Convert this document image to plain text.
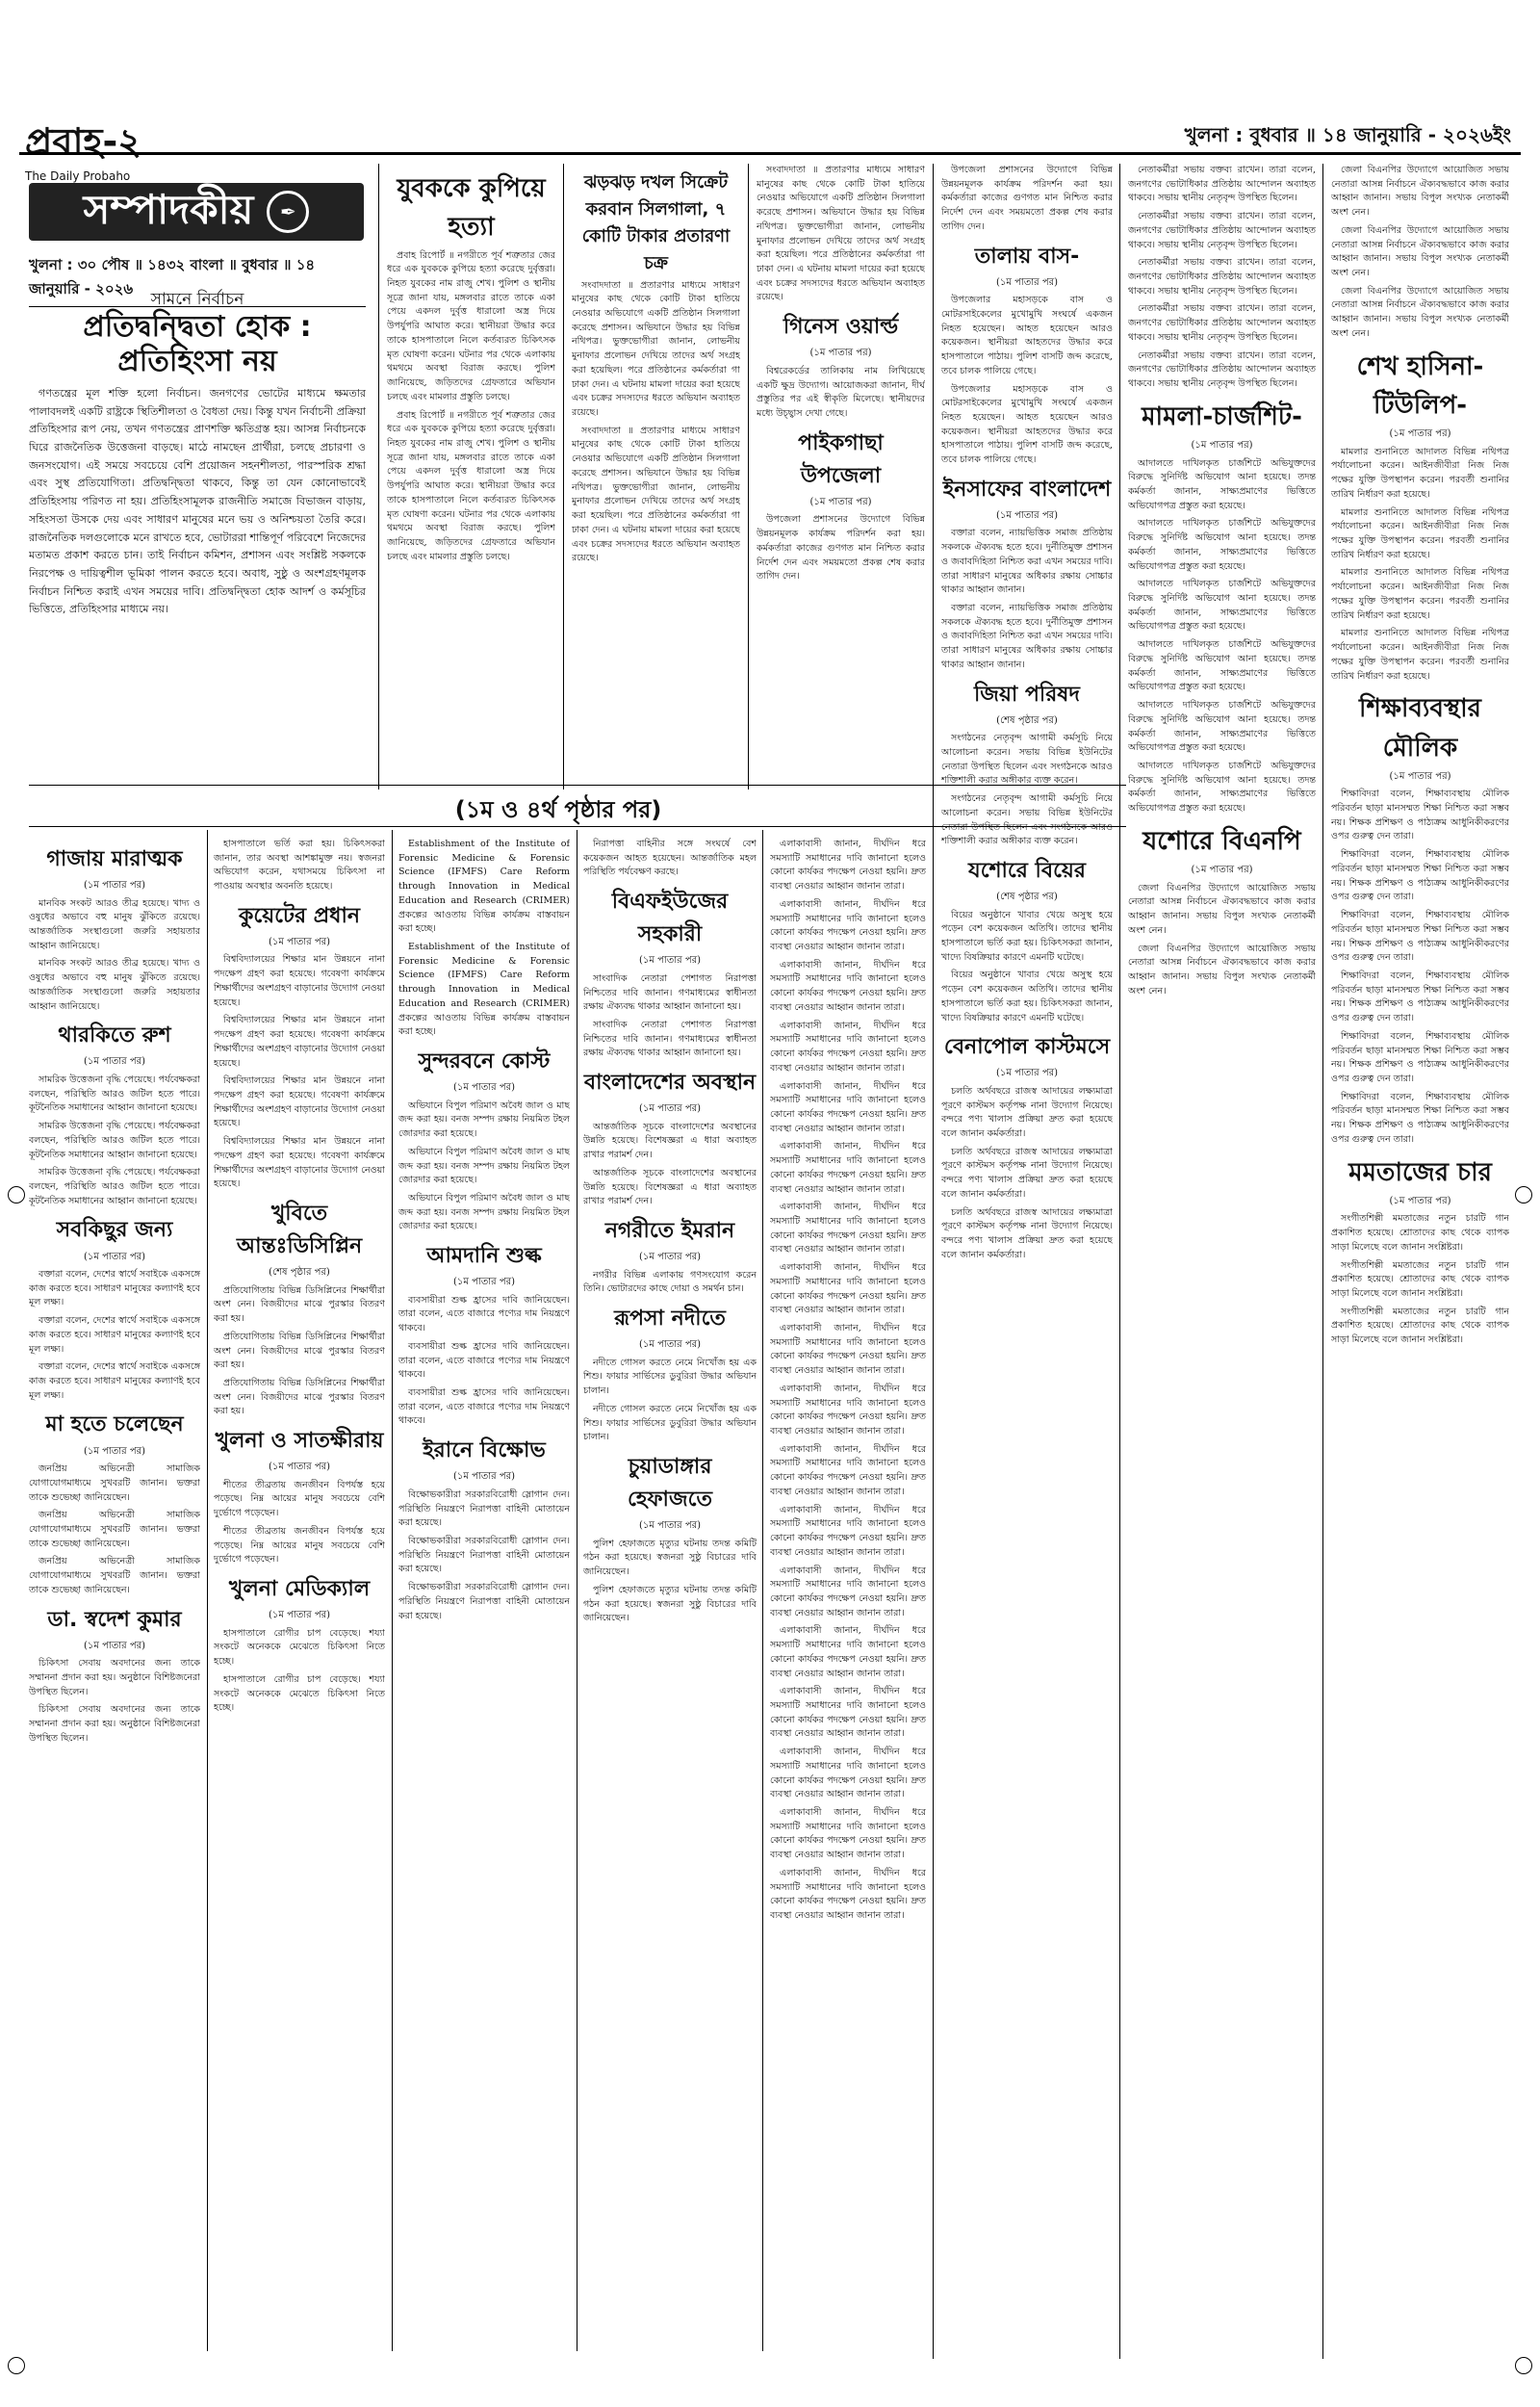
প্রবাহ-২
The Daily Probaho
খুলনা : বুধবার ॥ ১৪ জানুয়ারি - ২০২৬ইং
সম্পাদকীয়	✒
খুলনা : ৩০ পৌষ ॥ ১৪৩২ বাংলা ॥ বুধবার ॥ ১৪ জানুয়ারি - ২০২৬
সামনে নির্বাচন
প্রতিদ্বন্দ্বিতা হোক : প্রতিহিংসা নয়

গণতন্ত্রের মূল শক্তি হলো নির্বাচন। জনগণের ভোটের মাধ্যমে ক্ষমতার পালাবদলই একটি রাষ্ট্রকে স্থিতিশীলতা ও বৈধতা দেয়। কিন্তু যখন নির্বাচনী প্রক্রিয়া প্রতিহিংসার রূপ নেয়, তখন গণতন্ত্রের প্রাণশক্তি ক্ষতিগ্রস্ত হয়। আসন্ন নির্বাচনকে ঘিরে রাজনৈতিক উত্তেজনা বাড়ছে। মাঠে নামছেন প্রার্থীরা, চলছে প্রচারণা ও জনসংযোগ। এই সময়ে সবচেয়ে বেশি প্রয়োজন সহনশীলতা, পারস্পরিক শ্রদ্ধা এবং সুস্থ প্রতিযোগিতা। প্রতিদ্বন্দ্বিতা থাকবে, কিন্তু তা যেন কোনোভাবেই প্রতিহিংসায় পরিণত না হয়। প্রতিহিংসামূলক রাজনীতি সমাজে বিভাজন বাড়ায়, সহিংসতা উসকে দেয় এবং সাধারণ মানুষের মনে ভয় ও অনিশ্চয়তা তৈরি করে। রাজনৈতিক দলগুলোকে মনে রাখতে হবে, ভোটাররা শান্তিপূর্ণ পরিবেশে নিজেদের মতামত প্রকাশ করতে চান। তাই নির্বাচন কমিশন, প্রশাসন এবং সংশ্লিষ্ট সকলকে নিরপেক্ষ ও দায়িত্বশীল ভূমিকা পালন করতে হবে। অবাধ, সুষ্ঠু ও অংশগ্রহণমূলক নির্বাচন নিশ্চিত করাই এখন সময়ের দাবি। প্রতিদ্বন্দ্বিতা হোক আদর্শ ও কর্মসূচির ভিত্তিতে, প্রতিহিংসার মাধ্যমে নয়।

যুবককে কুপিয়ে হত্যা

প্রবাহ রিপোর্ট ॥ নগরীতে পূর্ব শত্রুতার জের ধরে এক যুবককে কুপিয়ে হত্যা করেছে দুর্বৃত্তরা। নিহত যুবকের নাম রাজু শেখ। পুলিশ ও স্থানীয় সূত্রে জানা যায়, মঙ্গলবার রাতে তাকে একা পেয়ে একদল দুর্বৃত্ত ধারালো অস্ত্র দিয়ে উপর্যুপরি আঘাত করে। স্থানীয়রা উদ্ধার করে তাকে হাসপাতালে নিলে কর্তব্যরত চিকিৎসক মৃত ঘোষণা করেন। ঘটনার পর থেকে এলাকায় থমথমে অবস্থা বিরাজ করছে। পুলিশ জানিয়েছে, জড়িতদের গ্রেফতারে অভিযান চলছে এবং মামলার প্রস্তুতি চলছে।

প্রবাহ রিপোর্ট ॥ নগরীতে পূর্ব শত্রুতার জের ধরে এক যুবককে কুপিয়ে হত্যা করেছে দুর্বৃত্তরা। নিহত যুবকের নাম রাজু শেখ। পুলিশ ও স্থানীয় সূত্রে জানা যায়, মঙ্গলবার রাতে তাকে একা পেয়ে একদল দুর্বৃত্ত ধারালো অস্ত্র দিয়ে উপর্যুপরি আঘাত করে। স্থানীয়রা উদ্ধার করে তাকে হাসপাতালে নিলে কর্তব্যরত চিকিৎসক মৃত ঘোষণা করেন। ঘটনার পর থেকে এলাকায় থমথমে অবস্থা বিরাজ করছে। পুলিশ জানিয়েছে, জড়িতদের গ্রেফতারে অভিযান চলছে এবং মামলার প্রস্তুতি চলছে।

ঝড়ঝড় দখল সিক্রেট করবান সিলগালা, ৭ কোটি টাকার প্রতারণা চক্র

সংবাদদাতা ॥ প্রতারণার মাধ্যমে সাধারণ মানুষের কাছ থেকে কোটি টাকা হাতিয়ে নেওয়ার অভিযোগে একটি প্রতিষ্ঠান সিলগালা করেছে প্রশাসন। অভিযানে উদ্ধার হয় বিভিন্ন নথিপত্র। ভুক্তভোগীরা জানান, লোভনীয় মুনাফার প্রলোভন দেখিয়ে তাদের অর্থ সংগ্রহ করা হয়েছিল। পরে প্রতিষ্ঠানের কর্মকর্তারা গা ঢাকা দেন। এ ঘটনায় মামলা দায়ের করা হয়েছে এবং চক্রের সদস্যদের ধরতে অভিযান অব্যাহত রয়েছে।

সংবাদদাতা ॥ প্রতারণার মাধ্যমে সাধারণ মানুষের কাছ থেকে কোটি টাকা হাতিয়ে নেওয়ার অভিযোগে একটি প্রতিষ্ঠান সিলগালা করেছে প্রশাসন। অভিযানে উদ্ধার হয় বিভিন্ন নথিপত্র। ভুক্তভোগীরা জানান, লোভনীয় মুনাফার প্রলোভন দেখিয়ে তাদের অর্থ সংগ্রহ করা হয়েছিল। পরে প্রতিষ্ঠানের কর্মকর্তারা গা ঢাকা দেন। এ ঘটনায় মামলা দায়ের করা হয়েছে এবং চক্রের সদস্যদের ধরতে অভিযান অব্যাহত রয়েছে।

সংবাদদাতা ॥ প্রতারণার মাধ্যমে সাধারণ মানুষের কাছ থেকে কোটি টাকা হাতিয়ে নেওয়ার অভিযোগে একটি প্রতিষ্ঠান সিলগালা করেছে প্রশাসন। অভিযানে উদ্ধার হয় বিভিন্ন নথিপত্র। ভুক্তভোগীরা জানান, লোভনীয় মুনাফার প্রলোভন দেখিয়ে তাদের অর্থ সংগ্রহ করা হয়েছিল। পরে প্রতিষ্ঠানের কর্মকর্তারা গা ঢাকা দেন। এ ঘটনায় মামলা দায়ের করা হয়েছে এবং চক্রের সদস্যদের ধরতে অভিযান অব্যাহত রয়েছে।

গিনেস ওয়ার্ল্ড
(১ম পাতার পর)

বিশ্বরেকর্ডের তালিকায় নাম লিখিয়েছে একটি ক্ষুদ্র উদ্যোগ। আয়োজকরা জানান, দীর্ঘ প্রস্তুতির পর এই স্বীকৃতি মিলেছে। স্থানীয়দের মধ্যে উচ্ছ্বাস দেখা গেছে।

পাইকগাছা উপজেলা
(১ম পাতার পর)

উপজেলা প্রশাসনের উদ্যোগে বিভিন্ন উন্নয়নমূলক কার্যক্রম পরিদর্শন করা হয়। কর্মকর্তারা কাজের গুণগত মান নিশ্চিত করার নির্দেশ দেন এবং সময়মতো প্রকল্প শেষ করার তাগিদ দেন।

(১ম ও ৪র্থ পৃষ্ঠার পর)

উপজেলা প্রশাসনের উদ্যোগে বিভিন্ন উন্নয়নমূলক কার্যক্রম পরিদর্শন করা হয়। কর্মকর্তারা কাজের গুণগত মান নিশ্চিত করার নির্দেশ দেন এবং সময়মতো প্রকল্প শেষ করার তাগিদ দেন।

তালায় বাস-
(১ম পাতার পর)

উপজেলার মহাসড়কে বাস ও মোটরসাইকেলের মুখোমুখি সংঘর্ষে একজন নিহত হয়েছেন। আহত হয়েছেন আরও কয়েকজন। স্থানীয়রা আহতদের উদ্ধার করে হাসপাতালে পাঠায়। পুলিশ বাসটি জব্দ করেছে, তবে চালক পালিয়ে গেছে।

উপজেলার মহাসড়কে বাস ও মোটরসাইকেলের মুখোমুখি সংঘর্ষে একজন নিহত হয়েছেন। আহত হয়েছেন আরও কয়েকজন। স্থানীয়রা আহতদের উদ্ধার করে হাসপাতালে পাঠায়। পুলিশ বাসটি জব্দ করেছে, তবে চালক পালিয়ে গেছে।

ইনসাফের বাংলাদেশ
(১ম পাতার পর)

বক্তারা বলেন, ন্যায়ভিত্তিক সমাজ প্রতিষ্ঠায় সকলকে ঐক্যবদ্ধ হতে হবে। দুর্নীতিমুক্ত প্রশাসন ও জবাবদিহিতা নিশ্চিত করা এখন সময়ের দাবি। তারা সাধারণ মানুষের অধিকার রক্ষায় সোচ্চার থাকার আহ্বান জানান।

বক্তারা বলেন, ন্যায়ভিত্তিক সমাজ প্রতিষ্ঠায় সকলকে ঐক্যবদ্ধ হতে হবে। দুর্নীতিমুক্ত প্রশাসন ও জবাবদিহিতা নিশ্চিত করা এখন সময়ের দাবি। তারা সাধারণ মানুষের অধিকার রক্ষায় সোচ্চার থাকার আহ্বান জানান।

জিয়া পরিষদ
(শেষ পৃষ্ঠার পর)

সংগঠনের নেতৃবৃন্দ আগামী কর্মসূচি নিয়ে আলোচনা করেন। সভায় বিভিন্ন ইউনিটের নেতারা উপস্থিত ছিলেন এবং সংগঠনকে আরও শক্তিশালী করার অঙ্গীকার ব্যক্ত করেন।

সংগঠনের নেতৃবৃন্দ আগামী কর্মসূচি নিয়ে আলোচনা করেন। সভায় বিভিন্ন ইউনিটের নেতারা উপস্থিত ছিলেন এবং সংগঠনকে আরও শক্তিশালী করার অঙ্গীকার ব্যক্ত করেন।

যশোরে বিয়ের
(শেষ পৃষ্ঠার পর)

বিয়ের অনুষ্ঠানে খাবার খেয়ে অসুস্থ হয়ে পড়েন বেশ কয়েকজন অতিথি। তাদের স্থানীয় হাসপাতালে ভর্তি করা হয়। চিকিৎসকরা জানান, খাদ্যে বিষক্রিয়ার কারণে এমনটি ঘটেছে।

বিয়ের অনুষ্ঠানে খাবার খেয়ে অসুস্থ হয়ে পড়েন বেশ কয়েকজন অতিথি। তাদের স্থানীয় হাসপাতালে ভর্তি করা হয়। চিকিৎসকরা জানান, খাদ্যে বিষক্রিয়ার কারণে এমনটি ঘটেছে।

বেনাপোল কাস্টমসে
(১ম পাতার পর)

চলতি অর্থবছরে রাজস্ব আদায়ের লক্ষ্যমাত্রা পূরণে কাস্টমস কর্তৃপক্ষ নানা উদ্যোগ নিয়েছে। বন্দরে পণ্য খালাস প্রক্রিয়া দ্রুত করা হয়েছে বলে জানান কর্মকর্তারা।

চলতি অর্থবছরে রাজস্ব আদায়ের লক্ষ্যমাত্রা পূরণে কাস্টমস কর্তৃপক্ষ নানা উদ্যোগ নিয়েছে। বন্দরে পণ্য খালাস প্রক্রিয়া দ্রুত করা হয়েছে বলে জানান কর্মকর্তারা।

চলতি অর্থবছরে রাজস্ব আদায়ের লক্ষ্যমাত্রা পূরণে কাস্টমস কর্তৃপক্ষ নানা উদ্যোগ নিয়েছে। বন্দরে পণ্য খালাস প্রক্রিয়া দ্রুত করা হয়েছে বলে জানান কর্মকর্তারা।

নেতাকর্মীরা সভায় বক্তব্য রাখেন। তারা বলেন, জনগণের ভোটাধিকার প্রতিষ্ঠায় আন্দোলন অব্যাহত থাকবে। সভায় স্থানীয় নেতৃবৃন্দ উপস্থিত ছিলেন।

নেতাকর্মীরা সভায় বক্তব্য রাখেন। তারা বলেন, জনগণের ভোটাধিকার প্রতিষ্ঠায় আন্দোলন অব্যাহত থাকবে। সভায় স্থানীয় নেতৃবৃন্দ উপস্থিত ছিলেন।

নেতাকর্মীরা সভায় বক্তব্য রাখেন। তারা বলেন, জনগণের ভোটাধিকার প্রতিষ্ঠায় আন্দোলন অব্যাহত থাকবে। সভায় স্থানীয় নেতৃবৃন্দ উপস্থিত ছিলেন।

নেতাকর্মীরা সভায় বক্তব্য রাখেন। তারা বলেন, জনগণের ভোটাধিকার প্রতিষ্ঠায় আন্দোলন অব্যাহত থাকবে। সভায় স্থানীয় নেতৃবৃন্দ উপস্থিত ছিলেন।

নেতাকর্মীরা সভায় বক্তব্য রাখেন। তারা বলেন, জনগণের ভোটাধিকার প্রতিষ্ঠায় আন্দোলন অব্যাহত থাকবে। সভায় স্থানীয় নেতৃবৃন্দ উপস্থিত ছিলেন।

মামলা-চার্জশিট-
(১ম পাতার পর)

আদালতে দাখিলকৃত চার্জশিটে অভিযুক্তদের বিরুদ্ধে সুনির্দিষ্ট অভিযোগ আনা হয়েছে। তদন্ত কর্মকর্তা জানান, সাক্ষ্যপ্রমাণের ভিত্তিতে অভিযোগপত্র প্রস্তুত করা হয়েছে।

আদালতে দাখিলকৃত চার্জশিটে অভিযুক্তদের বিরুদ্ধে সুনির্দিষ্ট অভিযোগ আনা হয়েছে। তদন্ত কর্মকর্তা জানান, সাক্ষ্যপ্রমাণের ভিত্তিতে অভিযোগপত্র প্রস্তুত করা হয়েছে।

আদালতে দাখিলকৃত চার্জশিটে অভিযুক্তদের বিরুদ্ধে সুনির্দিষ্ট অভিযোগ আনা হয়েছে। তদন্ত কর্মকর্তা জানান, সাক্ষ্যপ্রমাণের ভিত্তিতে অভিযোগপত্র প্রস্তুত করা হয়েছে।

আদালতে দাখিলকৃত চার্জশিটে অভিযুক্তদের বিরুদ্ধে সুনির্দিষ্ট অভিযোগ আনা হয়েছে। তদন্ত কর্মকর্তা জানান, সাক্ষ্যপ্রমাণের ভিত্তিতে অভিযোগপত্র প্রস্তুত করা হয়েছে।

আদালতে দাখিলকৃত চার্জশিটে অভিযুক্তদের বিরুদ্ধে সুনির্দিষ্ট অভিযোগ আনা হয়েছে। তদন্ত কর্মকর্তা জানান, সাক্ষ্যপ্রমাণের ভিত্তিতে অভিযোগপত্র প্রস্তুত করা হয়েছে।

আদালতে দাখিলকৃত চার্জশিটে অভিযুক্তদের বিরুদ্ধে সুনির্দিষ্ট অভিযোগ আনা হয়েছে। তদন্ত কর্মকর্তা জানান, সাক্ষ্যপ্রমাণের ভিত্তিতে অভিযোগপত্র প্রস্তুত করা হয়েছে।

যশোরে বিএনপি
(১ম পাতার পর)

জেলা বিএনপির উদ্যোগে আয়োজিত সভায় নেতারা আসন্ন নির্বাচনে ঐক্যবদ্ধভাবে কাজ করার আহ্বান জানান। সভায় বিপুল সংখ্যক নেতাকর্মী অংশ নেন।

জেলা বিএনপির উদ্যোগে আয়োজিত সভায় নেতারা আসন্ন নির্বাচনে ঐক্যবদ্ধভাবে কাজ করার আহ্বান জানান। সভায় বিপুল সংখ্যক নেতাকর্মী অংশ নেন।

জেলা বিএনপির উদ্যোগে আয়োজিত সভায় নেতারা আসন্ন নির্বাচনে ঐক্যবদ্ধভাবে কাজ করার আহ্বান জানান। সভায় বিপুল সংখ্যক নেতাকর্মী অংশ নেন।

জেলা বিএনপির উদ্যোগে আয়োজিত সভায় নেতারা আসন্ন নির্বাচনে ঐক্যবদ্ধভাবে কাজ করার আহ্বান জানান। সভায় বিপুল সংখ্যক নেতাকর্মী অংশ নেন।

জেলা বিএনপির উদ্যোগে আয়োজিত সভায় নেতারা আসন্ন নির্বাচনে ঐক্যবদ্ধভাবে কাজ করার আহ্বান জানান। সভায় বিপুল সংখ্যক নেতাকর্মী অংশ নেন।

শেখ হাসিনা-টিউলিপ-
(১ম পাতার পর)

মামলার শুনানিতে আদালত বিভিন্ন নথিপত্র পর্যালোচনা করেন। আইনজীবীরা নিজ নিজ পক্ষের যুক্তি উপস্থাপন করেন। পরবর্তী শুনানির তারিখ নির্ধারণ করা হয়েছে।

মামলার শুনানিতে আদালত বিভিন্ন নথিপত্র পর্যালোচনা করেন। আইনজীবীরা নিজ নিজ পক্ষের যুক্তি উপস্থাপন করেন। পরবর্তী শুনানির তারিখ নির্ধারণ করা হয়েছে।

মামলার শুনানিতে আদালত বিভিন্ন নথিপত্র পর্যালোচনা করেন। আইনজীবীরা নিজ নিজ পক্ষের যুক্তি উপস্থাপন করেন। পরবর্তী শুনানির তারিখ নির্ধারণ করা হয়েছে।

মামলার শুনানিতে আদালত বিভিন্ন নথিপত্র পর্যালোচনা করেন। আইনজীবীরা নিজ নিজ পক্ষের যুক্তি উপস্থাপন করেন। পরবর্তী শুনানির তারিখ নির্ধারণ করা হয়েছে।

শিক্ষাব্যবস্থার মৌলিক
(১ম পাতার পর)

শিক্ষাবিদরা বলেন, শিক্ষাব্যবস্থায় মৌলিক পরিবর্তন ছাড়া মানসম্মত শিক্ষা নিশ্চিত করা সম্ভব নয়। শিক্ষক প্রশিক্ষণ ও পাঠ্যক্রম আধুনিকীকরণের ওপর গুরুত্ব দেন তারা।

শিক্ষাবিদরা বলেন, শিক্ষাব্যবস্থায় মৌলিক পরিবর্তন ছাড়া মানসম্মত শিক্ষা নিশ্চিত করা সম্ভব নয়। শিক্ষক প্রশিক্ষণ ও পাঠ্যক্রম আধুনিকীকরণের ওপর গুরুত্ব দেন তারা।

শিক্ষাবিদরা বলেন, শিক্ষাব্যবস্থায় মৌলিক পরিবর্তন ছাড়া মানসম্মত শিক্ষা নিশ্চিত করা সম্ভব নয়। শিক্ষক প্রশিক্ষণ ও পাঠ্যক্রম আধুনিকীকরণের ওপর গুরুত্ব দেন তারা।

শিক্ষাবিদরা বলেন, শিক্ষাব্যবস্থায় মৌলিক পরিবর্তন ছাড়া মানসম্মত শিক্ষা নিশ্চিত করা সম্ভব নয়। শিক্ষক প্রশিক্ষণ ও পাঠ্যক্রম আধুনিকীকরণের ওপর গুরুত্ব দেন তারা।

শিক্ষাবিদরা বলেন, শিক্ষাব্যবস্থায় মৌলিক পরিবর্তন ছাড়া মানসম্মত শিক্ষা নিশ্চিত করা সম্ভব নয়। শিক্ষক প্রশিক্ষণ ও পাঠ্যক্রম আধুনিকীকরণের ওপর গুরুত্ব দেন তারা।

শিক্ষাবিদরা বলেন, শিক্ষাব্যবস্থায় মৌলিক পরিবর্তন ছাড়া মানসম্মত শিক্ষা নিশ্চিত করা সম্ভব নয়। শিক্ষক প্রশিক্ষণ ও পাঠ্যক্রম আধুনিকীকরণের ওপর গুরুত্ব দেন তারা।

মমতাজের চার
(১ম পাতার পর)

সংগীতশিল্পী মমতাজের নতুন চারটি গান প্রকাশিত হয়েছে। শ্রোতাদের কাছ থেকে ব্যাপক সাড়া মিলেছে বলে জানান সংশ্লিষ্টরা।

সংগীতশিল্পী মমতাজের নতুন চারটি গান প্রকাশিত হয়েছে। শ্রোতাদের কাছ থেকে ব্যাপক সাড়া মিলেছে বলে জানান সংশ্লিষ্টরা।

সংগীতশিল্পী মমতাজের নতুন চারটি গান প্রকাশিত হয়েছে। শ্রোতাদের কাছ থেকে ব্যাপক সাড়া মিলেছে বলে জানান সংশ্লিষ্টরা।

গাজায় মারাত্মক
(১ম পাতার পর)

মানবিক সংকট আরও তীব্র হয়েছে। খাদ্য ও ওষুধের অভাবে বহু মানুষ ঝুঁকিতে রয়েছে। আন্তর্জাতিক সংস্থাগুলো জরুরি সহায়তার আহ্বান জানিয়েছে।

মানবিক সংকট আরও তীব্র হয়েছে। খাদ্য ও ওষুধের অভাবে বহু মানুষ ঝুঁকিতে রয়েছে। আন্তর্জাতিক সংস্থাগুলো জরুরি সহায়তার আহ্বান জানিয়েছে।

থারকিতে রুশ
(১ম পাতার পর)

সামরিক উত্তেজনা বৃদ্ধি পেয়েছে। পর্যবেক্ষকরা বলছেন, পরিস্থিতি আরও জটিল হতে পারে। কূটনৈতিক সমাধানের আহ্বান জানানো হয়েছে।

সামরিক উত্তেজনা বৃদ্ধি পেয়েছে। পর্যবেক্ষকরা বলছেন, পরিস্থিতি আরও জটিল হতে পারে। কূটনৈতিক সমাধানের আহ্বান জানানো হয়েছে।

সামরিক উত্তেজনা বৃদ্ধি পেয়েছে। পর্যবেক্ষকরা বলছেন, পরিস্থিতি আরও জটিল হতে পারে। কূটনৈতিক সমাধানের আহ্বান জানানো হয়েছে।

সবকিছুর জন্য
(১ম পাতার পর)

বক্তারা বলেন, দেশের স্বার্থে সবাইকে একসঙ্গে কাজ করতে হবে। সাধারণ মানুষের কল্যাণই হবে মূল লক্ষ্য।

বক্তারা বলেন, দেশের স্বার্থে সবাইকে একসঙ্গে কাজ করতে হবে। সাধারণ মানুষের কল্যাণই হবে মূল লক্ষ্য।

বক্তারা বলেন, দেশের স্বার্থে সবাইকে একসঙ্গে কাজ করতে হবে। সাধারণ মানুষের কল্যাণই হবে মূল লক্ষ্য।

মা হতে চলেছেন
(১ম পাতার পর)

জনপ্রিয় অভিনেত্রী সামাজিক যোগাযোগমাধ্যমে সুখবরটি জানান। ভক্তরা তাকে শুভেচ্ছা জানিয়েছেন।

জনপ্রিয় অভিনেত্রী সামাজিক যোগাযোগমাধ্যমে সুখবরটি জানান। ভক্তরা তাকে শুভেচ্ছা জানিয়েছেন।

জনপ্রিয় অভিনেত্রী সামাজিক যোগাযোগমাধ্যমে সুখবরটি জানান। ভক্তরা তাকে শুভেচ্ছা জানিয়েছেন।

ডা. স্বদেশ কুমার
(১ম পাতার পর)

চিকিৎসা সেবায় অবদানের জন্য তাকে সম্মাননা প্রদান করা হয়। অনুষ্ঠানে বিশিষ্টজনেরা উপস্থিত ছিলেন।

চিকিৎসা সেবায় অবদানের জন্য তাকে সম্মাননা প্রদান করা হয়। অনুষ্ঠানে বিশিষ্টজনেরা উপস্থিত ছিলেন।

হাসপাতালে ভর্তি করা হয়। চিকিৎসকরা জানান, তার অবস্থা আশঙ্কামুক্ত নয়। স্বজনরা অভিযোগ করেন, যথাসময়ে চিকিৎসা না পাওয়ায় অবস্থার অবনতি হয়েছে।

কুয়েটের প্রধান
(১ম পাতার পর)

বিশ্ববিদ্যালয়ের শিক্ষার মান উন্নয়নে নানা পদক্ষেপ গ্রহণ করা হয়েছে। গবেষণা কার্যক্রমে শিক্ষার্থীদের অংশগ্রহণ বাড়ানোর উদ্যোগ নেওয়া হয়েছে।

বিশ্ববিদ্যালয়ের শিক্ষার মান উন্নয়নে নানা পদক্ষেপ গ্রহণ করা হয়েছে। গবেষণা কার্যক্রমে শিক্ষার্থীদের অংশগ্রহণ বাড়ানোর উদ্যোগ নেওয়া হয়েছে।

বিশ্ববিদ্যালয়ের শিক্ষার মান উন্নয়নে নানা পদক্ষেপ গ্রহণ করা হয়েছে। গবেষণা কার্যক্রমে শিক্ষার্থীদের অংশগ্রহণ বাড়ানোর উদ্যোগ নেওয়া হয়েছে।

বিশ্ববিদ্যালয়ের শিক্ষার মান উন্নয়নে নানা পদক্ষেপ গ্রহণ করা হয়েছে। গবেষণা কার্যক্রমে শিক্ষার্থীদের অংশগ্রহণ বাড়ানোর উদ্যোগ নেওয়া হয়েছে।

খুবিতে আন্তঃডিসিপ্লিন
(শেষ পৃষ্ঠার পর)

প্রতিযোগিতায় বিভিন্ন ডিসিপ্লিনের শিক্ষার্থীরা অংশ নেন। বিজয়ীদের মাঝে পুরস্কার বিতরণ করা হয়।

প্রতিযোগিতায় বিভিন্ন ডিসিপ্লিনের শিক্ষার্থীরা অংশ নেন। বিজয়ীদের মাঝে পুরস্কার বিতরণ করা হয়।

প্রতিযোগিতায় বিভিন্ন ডিসিপ্লিনের শিক্ষার্থীরা অংশ নেন। বিজয়ীদের মাঝে পুরস্কার বিতরণ করা হয়।

খুলনা ও সাতক্ষীরায়
(১ম পাতার পর)

শীতের তীব্রতায় জনজীবন বিপর্যস্ত হয়ে পড়েছে। নিম্ন আয়ের মানুষ সবচেয়ে বেশি দুর্ভোগে পড়েছেন।

শীতের তীব্রতায় জনজীবন বিপর্যস্ত হয়ে পড়েছে। নিম্ন আয়ের মানুষ সবচেয়ে বেশি দুর্ভোগে পড়েছেন।

খুলনা মেডিক্যাল
(১ম পাতার পর)

হাসপাতালে রোগীর চাপ বেড়েছে। শয্যা সংকটে অনেককে মেঝেতে চিকিৎসা নিতে হচ্ছে।

হাসপাতালে রোগীর চাপ বেড়েছে। শয্যা সংকটে অনেককে মেঝেতে চিকিৎসা নিতে হচ্ছে।

Establishment of the Institute of Forensic Medicine & Forensic Science (IFMFS) Care Reform through Innovation in Medical Education and Research (CRIMER) প্রকল্পের আওতায় বিভিন্ন কার্যক্রম বাস্তবায়ন করা হচ্ছে।

Establishment of the Institute of Forensic Medicine & Forensic Science (IFMFS) Care Reform through Innovation in Medical Education and Research (CRIMER) প্রকল্পের আওতায় বিভিন্ন কার্যক্রম বাস্তবায়ন করা হচ্ছে।

সুন্দরবনে কোস্ট
(১ম পাতার পর)

অভিযানে বিপুল পরিমাণ অবৈধ জাল ও মাছ জব্দ করা হয়। বনজ সম্পদ রক্ষায় নিয়মিত টহল জোরদার করা হয়েছে।

অভিযানে বিপুল পরিমাণ অবৈধ জাল ও মাছ জব্দ করা হয়। বনজ সম্পদ রক্ষায় নিয়মিত টহল জোরদার করা হয়েছে।

অভিযানে বিপুল পরিমাণ অবৈধ জাল ও মাছ জব্দ করা হয়। বনজ সম্পদ রক্ষায় নিয়মিত টহল জোরদার করা হয়েছে।

আমদানি শুল্ক
(১ম পাতার পর)

ব্যবসায়ীরা শুল্ক হ্রাসের দাবি জানিয়েছেন। তারা বলেন, এতে বাজারে পণ্যের দাম নিয়ন্ত্রণে থাকবে।

ব্যবসায়ীরা শুল্ক হ্রাসের দাবি জানিয়েছেন। তারা বলেন, এতে বাজারে পণ্যের দাম নিয়ন্ত্রণে থাকবে।

ব্যবসায়ীরা শুল্ক হ্রাসের দাবি জানিয়েছেন। তারা বলেন, এতে বাজারে পণ্যের দাম নিয়ন্ত্রণে থাকবে।

ইরানে বিক্ষোভ
(১ম পাতার পর)

বিক্ষোভকারীরা সরকারবিরোধী স্লোগান দেন। পরিস্থিতি নিয়ন্ত্রণে নিরাপত্তা বাহিনী মোতায়েন করা হয়েছে।

বিক্ষোভকারীরা সরকারবিরোধী স্লোগান দেন। পরিস্থিতি নিয়ন্ত্রণে নিরাপত্তা বাহিনী মোতায়েন করা হয়েছে।

বিক্ষোভকারীরা সরকারবিরোধী স্লোগান দেন। পরিস্থিতি নিয়ন্ত্রণে নিরাপত্তা বাহিনী মোতায়েন করা হয়েছে।

নিরাপত্তা বাহিনীর সঙ্গে সংঘর্ষে বেশ কয়েকজন আহত হয়েছেন। আন্তর্জাতিক মহল পরিস্থিতি পর্যবেক্ষণ করছে।

বিএফইউজের সহকারী
(১ম পাতার পর)

সাংবাদিক নেতারা পেশাগত নিরাপত্তা নিশ্চিতের দাবি জানান। গণমাধ্যমের স্বাধীনতা রক্ষায় ঐক্যবদ্ধ থাকার আহ্বান জানানো হয়।

সাংবাদিক নেতারা পেশাগত নিরাপত্তা নিশ্চিতের দাবি জানান। গণমাধ্যমের স্বাধীনতা রক্ষায় ঐক্যবদ্ধ থাকার আহ্বান জানানো হয়।

বাংলাদেশের অবস্থান
(১ম পাতার পর)

আন্তর্জাতিক সূচকে বাংলাদেশের অবস্থানের উন্নতি হয়েছে। বিশেষজ্ঞরা এ ধারা অব্যাহত রাখার পরামর্শ দেন।

আন্তর্জাতিক সূচকে বাংলাদেশের অবস্থানের উন্নতি হয়েছে। বিশেষজ্ঞরা এ ধারা অব্যাহত রাখার পরামর্শ দেন।

নগরীতে ইমরান
(১ম পাতার পর)

নগরীর বিভিন্ন এলাকায় গণসংযোগ করেন তিনি। ভোটারদের কাছে দোয়া ও সমর্থন চান।

রূপসা নদীতে
(১ম পাতার পর)

নদীতে গোসল করতে নেমে নিখোঁজ হয় এক শিশু। ফায়ার সার্ভিসের ডুবুরিরা উদ্ধার অভিযান চালান।

নদীতে গোসল করতে নেমে নিখোঁজ হয় এক শিশু। ফায়ার সার্ভিসের ডুবুরিরা উদ্ধার অভিযান চালান।

চুয়াডাঙ্গার হেফাজতে
(১ম পাতার পর)

পুলিশ হেফাজতে মৃত্যুর ঘটনায় তদন্ত কমিটি গঠন করা হয়েছে। স্বজনরা সুষ্ঠু বিচারের দাবি জানিয়েছেন।

পুলিশ হেফাজতে মৃত্যুর ঘটনায় তদন্ত কমিটি গঠন করা হয়েছে। স্বজনরা সুষ্ঠু বিচারের দাবি জানিয়েছেন।

এলাকাবাসী জানান, দীর্ঘদিন ধরে সমস্যাটি সমাধানের দাবি জানানো হলেও কোনো কার্যকর পদক্ষেপ নেওয়া হয়নি। দ্রুত ব্যবস্থা নেওয়ার আহ্বান জানান তারা।

এলাকাবাসী জানান, দীর্ঘদিন ধরে সমস্যাটি সমাধানের দাবি জানানো হলেও কোনো কার্যকর পদক্ষেপ নেওয়া হয়নি। দ্রুত ব্যবস্থা নেওয়ার আহ্বান জানান তারা।

এলাকাবাসী জানান, দীর্ঘদিন ধরে সমস্যাটি সমাধানের দাবি জানানো হলেও কোনো কার্যকর পদক্ষেপ নেওয়া হয়নি। দ্রুত ব্যবস্থা নেওয়ার আহ্বান জানান তারা।

এলাকাবাসী জানান, দীর্ঘদিন ধরে সমস্যাটি সমাধানের দাবি জানানো হলেও কোনো কার্যকর পদক্ষেপ নেওয়া হয়নি। দ্রুত ব্যবস্থা নেওয়ার আহ্বান জানান তারা।

এলাকাবাসী জানান, দীর্ঘদিন ধরে সমস্যাটি সমাধানের দাবি জানানো হলেও কোনো কার্যকর পদক্ষেপ নেওয়া হয়নি। দ্রুত ব্যবস্থা নেওয়ার আহ্বান জানান তারা।

এলাকাবাসী জানান, দীর্ঘদিন ধরে সমস্যাটি সমাধানের দাবি জানানো হলেও কোনো কার্যকর পদক্ষেপ নেওয়া হয়নি। দ্রুত ব্যবস্থা নেওয়ার আহ্বান জানান তারা।

এলাকাবাসী জানান, দীর্ঘদিন ধরে সমস্যাটি সমাধানের দাবি জানানো হলেও কোনো কার্যকর পদক্ষেপ নেওয়া হয়নি। দ্রুত ব্যবস্থা নেওয়ার আহ্বান জানান তারা।

এলাকাবাসী জানান, দীর্ঘদিন ধরে সমস্যাটি সমাধানের দাবি জানানো হলেও কোনো কার্যকর পদক্ষেপ নেওয়া হয়নি। দ্রুত ব্যবস্থা নেওয়ার আহ্বান জানান তারা।

এলাকাবাসী জানান, দীর্ঘদিন ধরে সমস্যাটি সমাধানের দাবি জানানো হলেও কোনো কার্যকর পদক্ষেপ নেওয়া হয়নি। দ্রুত ব্যবস্থা নেওয়ার আহ্বান জানান তারা।

এলাকাবাসী জানান, দীর্ঘদিন ধরে সমস্যাটি সমাধানের দাবি জানানো হলেও কোনো কার্যকর পদক্ষেপ নেওয়া হয়নি। দ্রুত ব্যবস্থা নেওয়ার আহ্বান জানান তারা।

এলাকাবাসী জানান, দীর্ঘদিন ধরে সমস্যাটি সমাধানের দাবি জানানো হলেও কোনো কার্যকর পদক্ষেপ নেওয়া হয়নি। দ্রুত ব্যবস্থা নেওয়ার আহ্বান জানান তারা।

এলাকাবাসী জানান, দীর্ঘদিন ধরে সমস্যাটি সমাধানের দাবি জানানো হলেও কোনো কার্যকর পদক্ষেপ নেওয়া হয়নি। দ্রুত ব্যবস্থা নেওয়ার আহ্বান জানান তারা।

এলাকাবাসী জানান, দীর্ঘদিন ধরে সমস্যাটি সমাধানের দাবি জানানো হলেও কোনো কার্যকর পদক্ষেপ নেওয়া হয়নি। দ্রুত ব্যবস্থা নেওয়ার আহ্বান জানান তারা।

এলাকাবাসী জানান, দীর্ঘদিন ধরে সমস্যাটি সমাধানের দাবি জানানো হলেও কোনো কার্যকর পদক্ষেপ নেওয়া হয়নি। দ্রুত ব্যবস্থা নেওয়ার আহ্বান জানান তারা।

এলাকাবাসী জানান, দীর্ঘদিন ধরে সমস্যাটি সমাধানের দাবি জানানো হলেও কোনো কার্যকর পদক্ষেপ নেওয়া হয়নি। দ্রুত ব্যবস্থা নেওয়ার আহ্বান জানান তারা।

এলাকাবাসী জানান, দীর্ঘদিন ধরে সমস্যাটি সমাধানের দাবি জানানো হলেও কোনো কার্যকর পদক্ষেপ নেওয়া হয়নি। দ্রুত ব্যবস্থা নেওয়ার আহ্বান জানান তারা।

এলাকাবাসী জানান, দীর্ঘদিন ধরে সমস্যাটি সমাধানের দাবি জানানো হলেও কোনো কার্যকর পদক্ষেপ নেওয়া হয়নি। দ্রুত ব্যবস্থা নেওয়ার আহ্বান জানান তারা।

এলাকাবাসী জানান, দীর্ঘদিন ধরে সমস্যাটি সমাধানের দাবি জানানো হলেও কোনো কার্যকর পদক্ষেপ নেওয়া হয়নি। দ্রুত ব্যবস্থা নেওয়ার আহ্বান জানান তারা।
